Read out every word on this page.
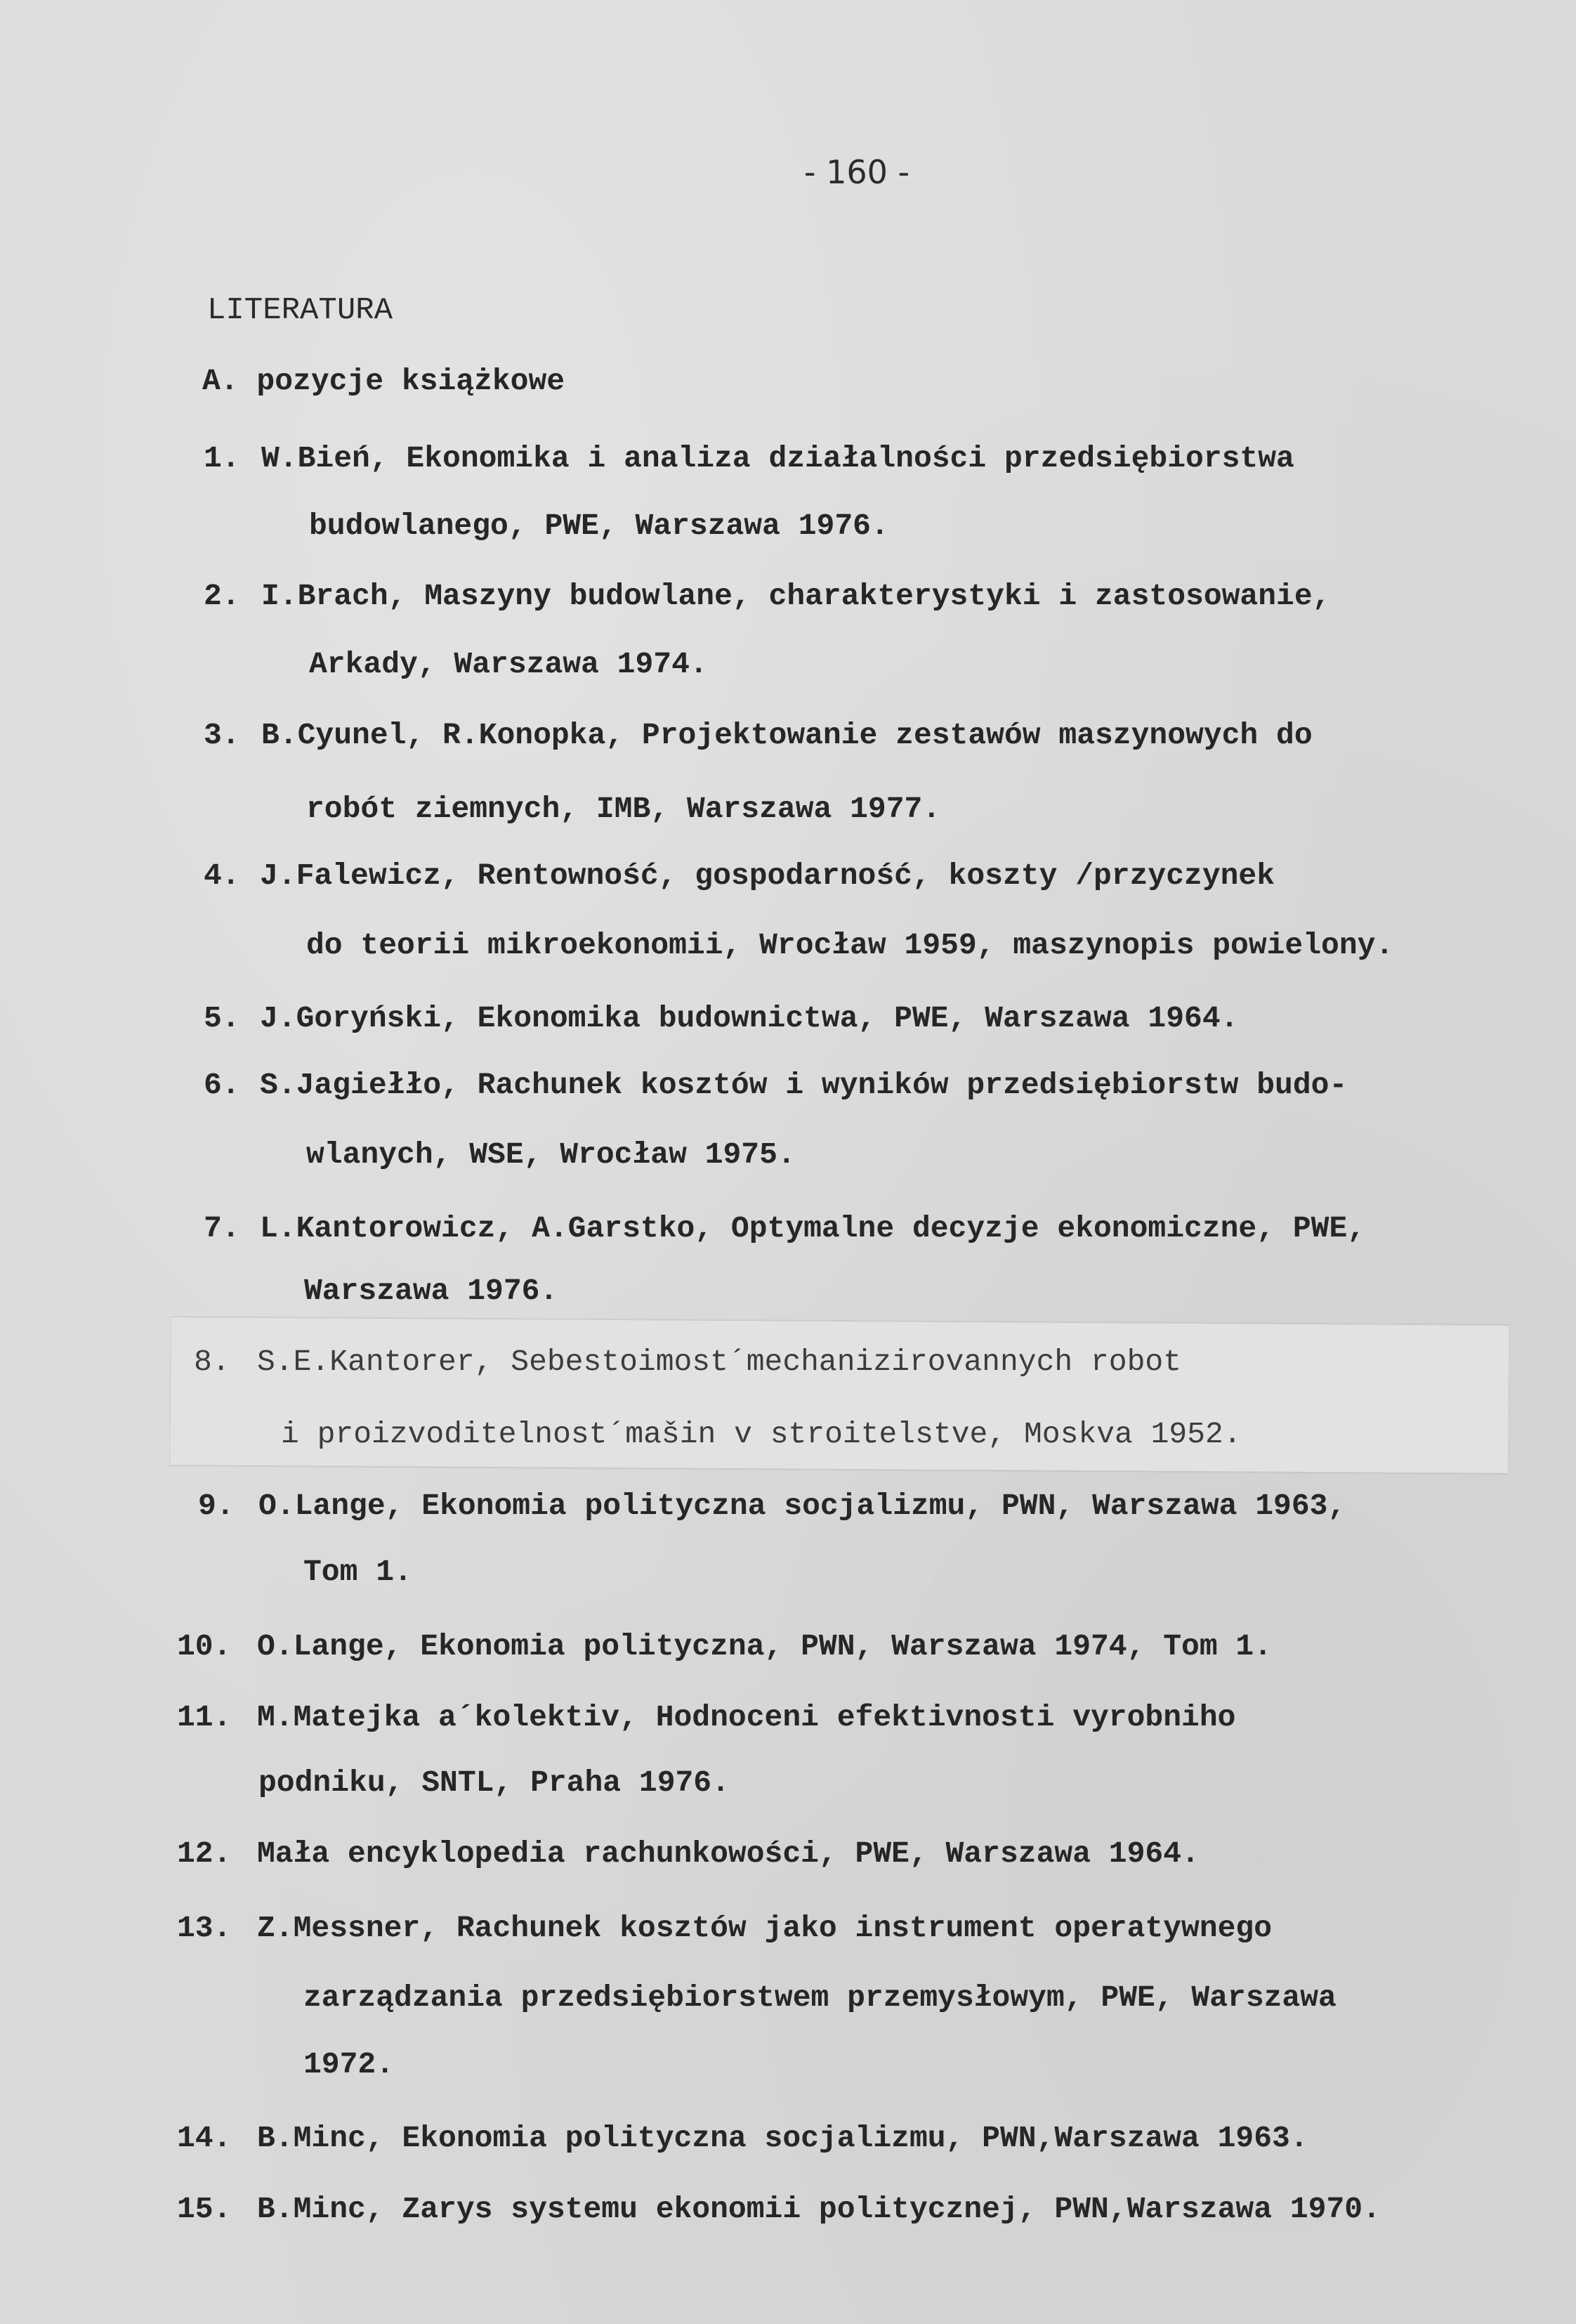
- 160 -
LITERATURA
A. pozycje książkowe
1. W.Bień, Ekonomika i analiza działalności przedsiębiorstwa
budowlanego, PWE, Warszawa 1976.
2. I.Brach, Maszyny budowlane, charakterystyki i zastosowanie,
Arkady, Warszawa 1974.
3. B.Cyunel, R.Konopka, Projektowanie zestawów maszynowych do
robót ziemnych, IMB, Warszawa 1977.
4. J.Falewicz, Rentowność, gospodarność, koszty /przyczynek
do teorii mikroekonomii, Wrocław 1959, maszynopis powielony.
5. J.Goryński, Ekonomika budownictwa, PWE, Warszawa 1964.
6. S.Jagiełło, Rachunek kosztów i wyników przedsiębiorstw budo-
wlanych, WSE, Wrocław 1975.
7. L.Kantorowicz, A.Garstko, Optymalne decyzje ekonomiczne, PWE,
Warszawa 1976.
8. S.E.Kantorer, Sebestoimost´mechanizirovannych robot
i proizvoditelnost´mašin v stroitelstve, Moskva 1952.
9. O.Lange, Ekonomia polityczna socjalizmu, PWN, Warszawa 1963,
Tom 1.
10. O.Lange, Ekonomia polityczna, PWN, Warszawa 1974, Tom 1.
11. M.Matejka a´kolektiv, Hodnoceni efektivnosti vyrobniho
podniku, SNTL, Praha 1976.
12. Mała encyklopedia rachunkowości, PWE, Warszawa 1964.
13. Z.Messner, Rachunek kosztów jako instrument operatywnego
zarządzania przedsiębiorstwem przemysłowym, PWE, Warszawa
1972.
14. B.Minc, Ekonomia polityczna socjalizmu, PWN,Warszawa 1963.
15. B.Minc, Zarys systemu ekonomii politycznej, PWN,Warszawa 1970.
